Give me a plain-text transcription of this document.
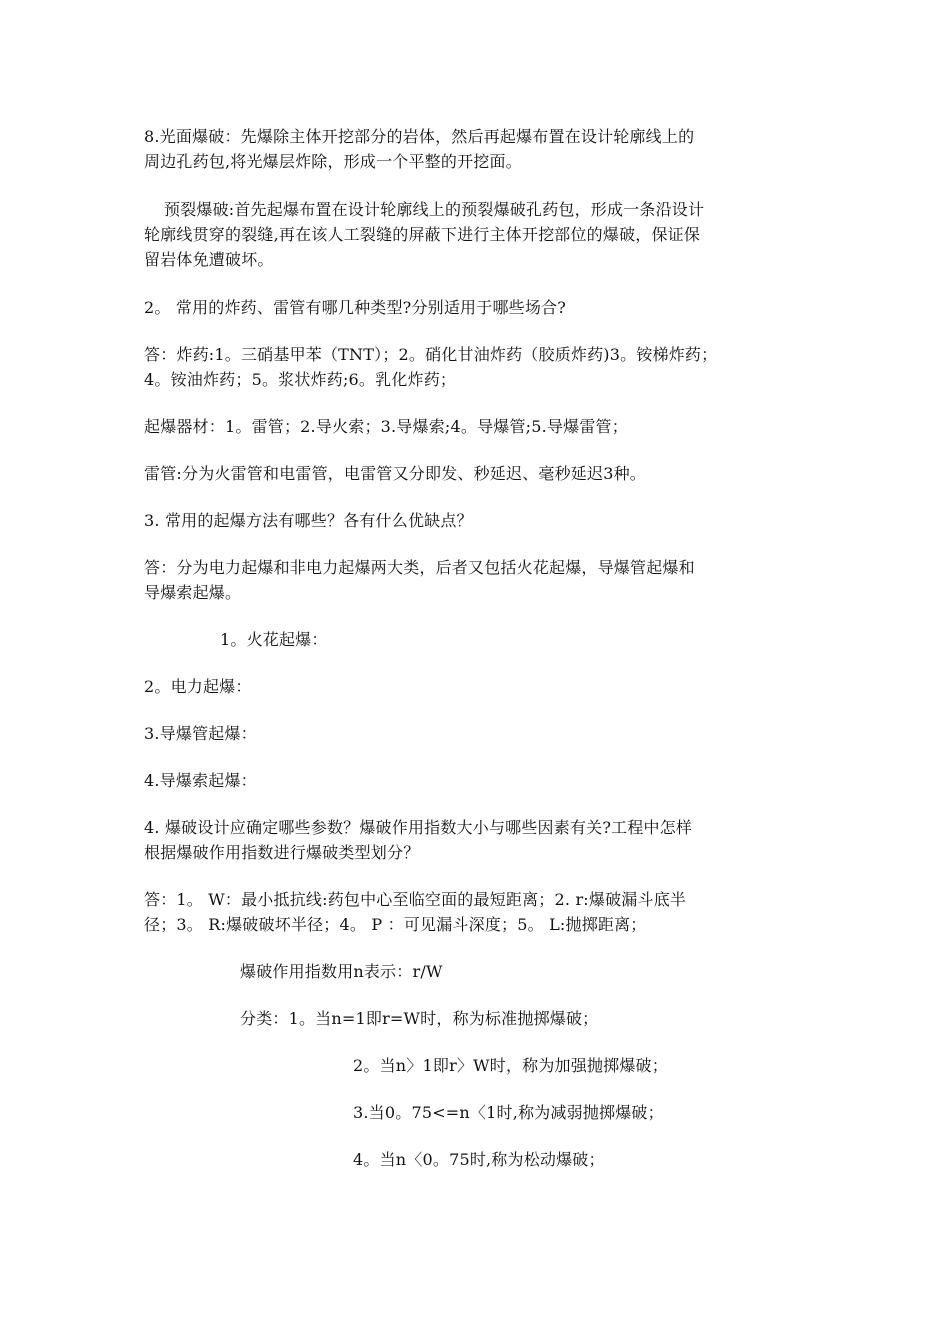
8.光面爆破：先爆除主体开挖部分的岩体，然后再起爆布置在设计轮廓线上的
周边孔药包,将光爆层炸除，形成一个平整的开挖面。
预裂爆破:首先起爆布置在设计轮廓线上的预裂爆破孔药包，形成一条沿设计
轮廓线贯穿的裂缝,再在该人工裂缝的屏蔽下进行主体开挖部位的爆破，保证保
留岩体免遭破坏。
2。 常用的炸药、雷管有哪几种类型?分别适用于哪些场合?
答：炸药:1。三硝基甲苯（TNT）；2。硝化甘油炸药（胶质炸药)3。铵梯炸药；
4。铵油炸药；5。浆状炸药;6。乳化炸药；
起爆器材：1。雷管；2.导火索；3.导爆索;4。导爆管;5.导爆雷管；
雷管:分为火雷管和电雷管，电雷管又分即发、秒延迟、毫秒延迟3种。
3. 常用的起爆方法有哪些？各有什么优缺点？
答：分为电力起爆和非电力起爆两大类，后者又包括火花起爆，导爆管起爆和
导爆索起爆。
1。火花起爆：
2。电力起爆：
3.导爆管起爆：
4.导爆索起爆：
4. 爆破设计应确定哪些参数？爆破作用指数大小与哪些因素有关?工程中怎样
根据爆破作用指数进行爆破类型划分？
答：1。 W：最小抵抗线:药包中心至临空面的最短距离；2. r:爆破漏斗底半
径；3。 R:爆破破坏半径；4。 P ：可见漏斗深度；5。 L:抛掷距离；
爆破作用指数用n表示：r/W
分类：1。当n=1即r=W时，称为标准抛掷爆破；
2。当n〉1即r〉W时，称为加强抛掷爆破；
3.当0。75<=n〈1时,称为减弱抛掷爆破；
4。当n〈0。75时,称为松动爆破；
